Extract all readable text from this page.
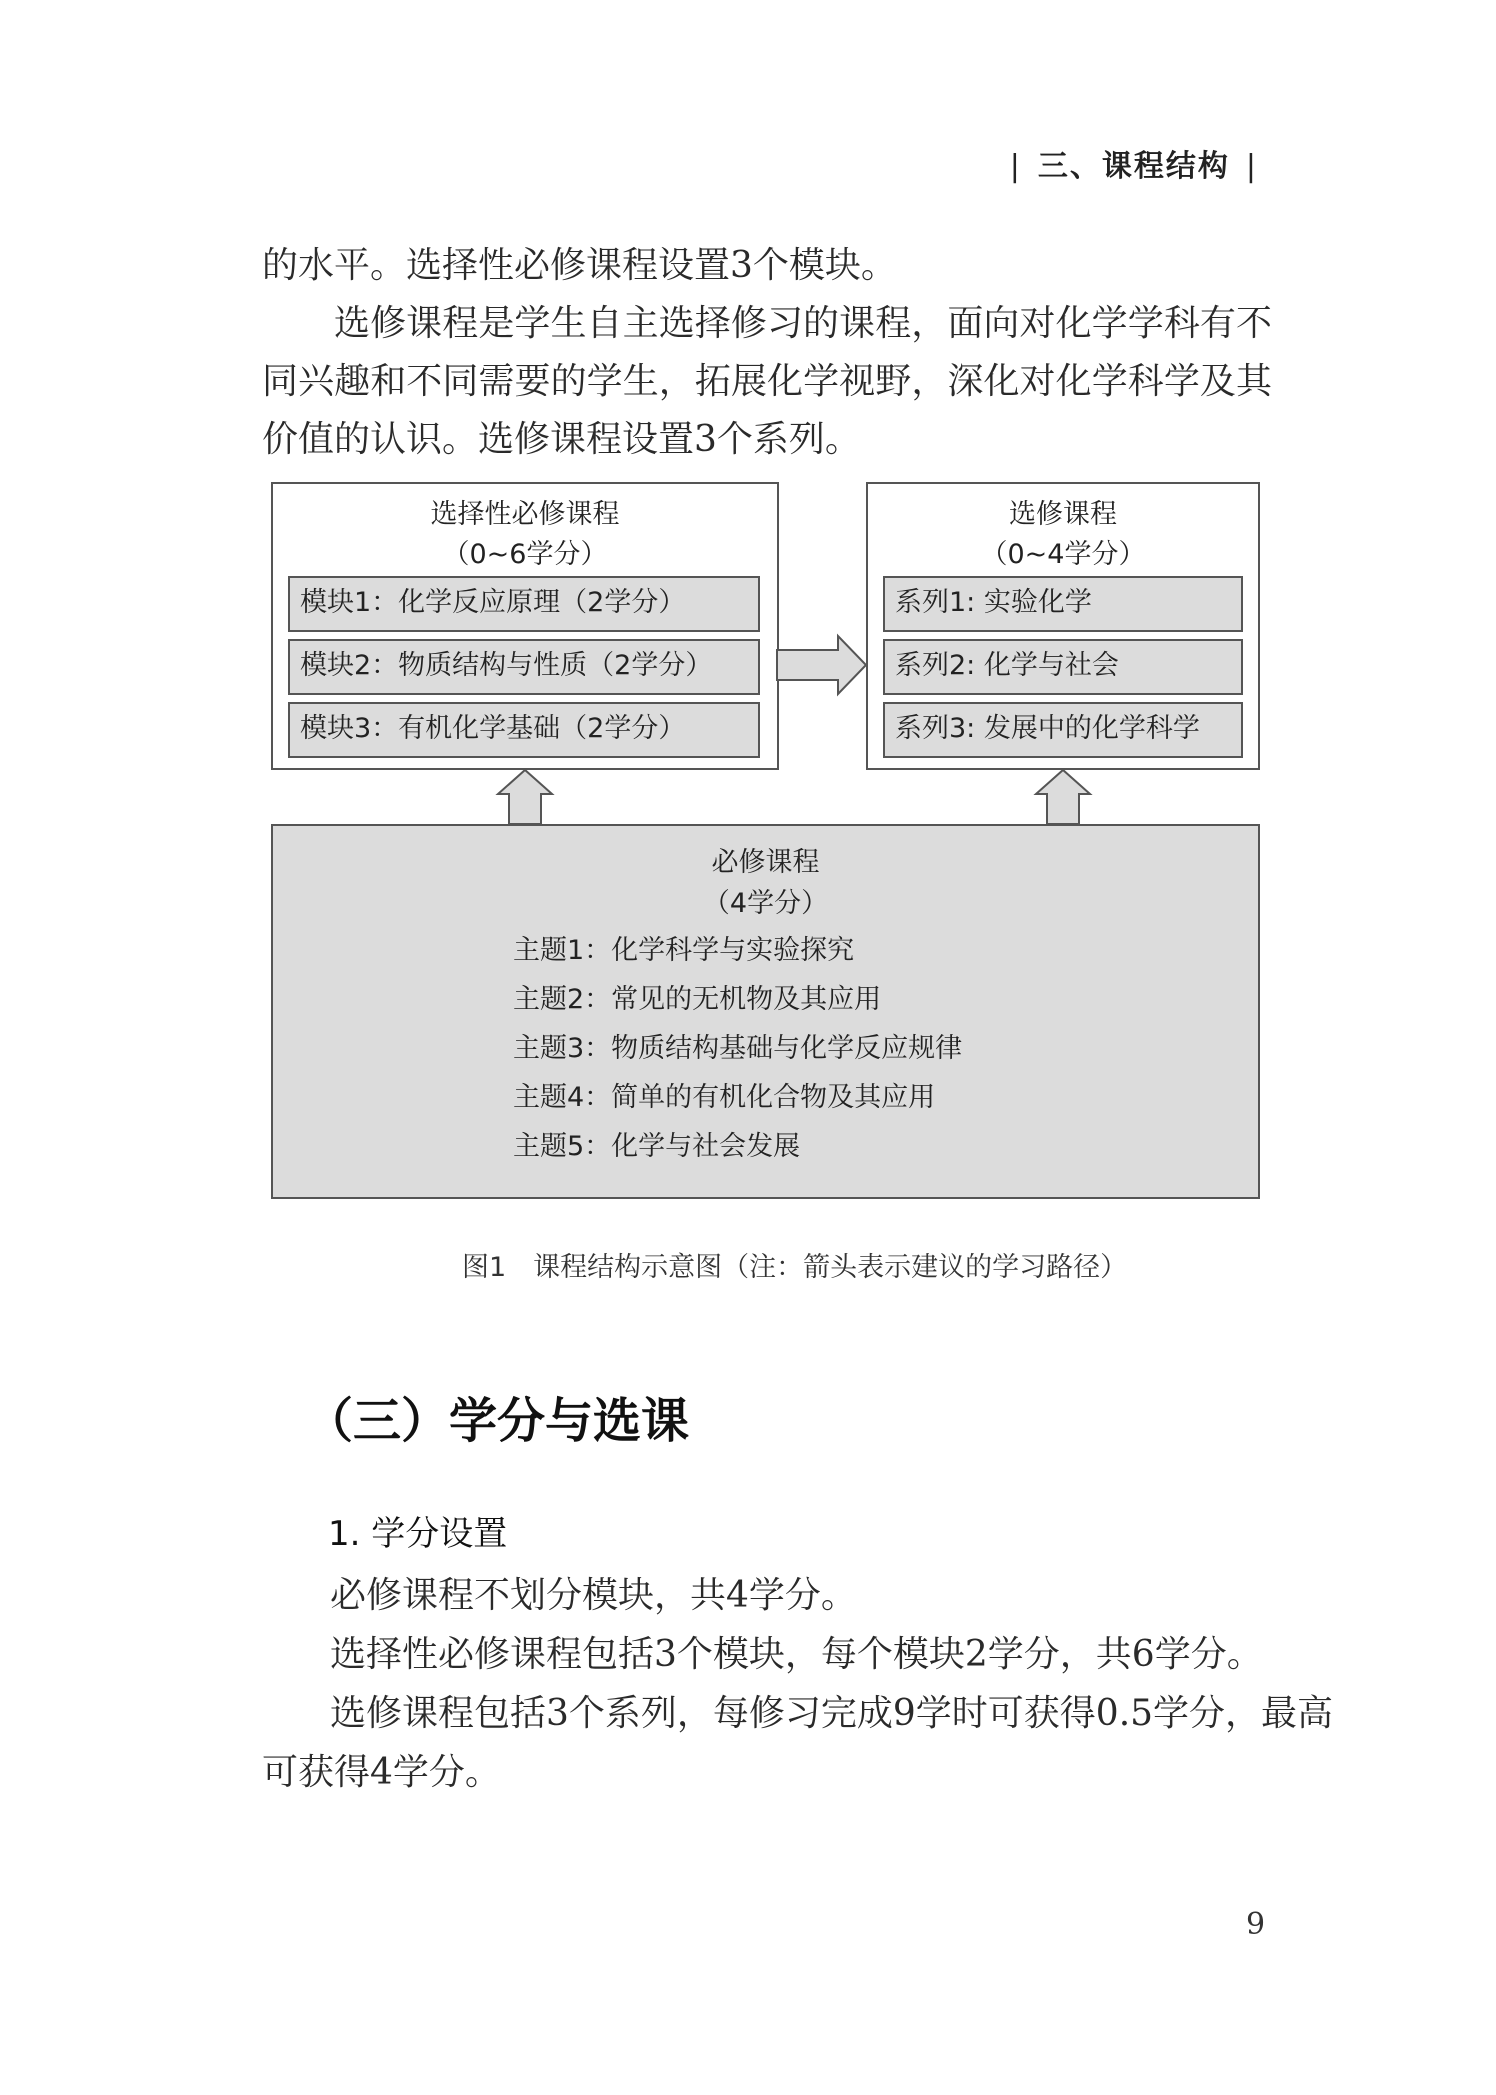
| 三、课程结构 |
的水平。选择性必修课程设置3个模块。
选修课程是学生自主选择修习的课程，面向对化学学科有不同兴趣和不同需要的学生，拓展化学视野，深化对化学科学及其价值的认识。选修课程设置3个系列。
选择性必修课程
（0~6学分）
模块1：化学反应原理（2学分）
模块2：物质结构与性质（2学分）
模块3：有机化学基础（2学分）
选修课程
（0~4学分）
系列1: 实验化学
系列2: 化学与社会
系列3: 发展中的化学科学
必修课程
（4学分）
主题1：化学科学与实验探究
主题2：常见的无机物及其应用
主题3：物质结构基础与化学反应规律
主题4：简单的有机化合物及其应用
主题5：化学与社会发展
图1　课程结构示意图（注：箭头表示建议的学习路径）
（三）学分与选课
1. 学分设置
必修课程不划分模块，共4学分。
选择性必修课程包括3个模块，每个模块2学分，共6学分。
选修课程包括3个系列，每修习完成9学时可获得0.5学分，最高
可获得4学分。
9
